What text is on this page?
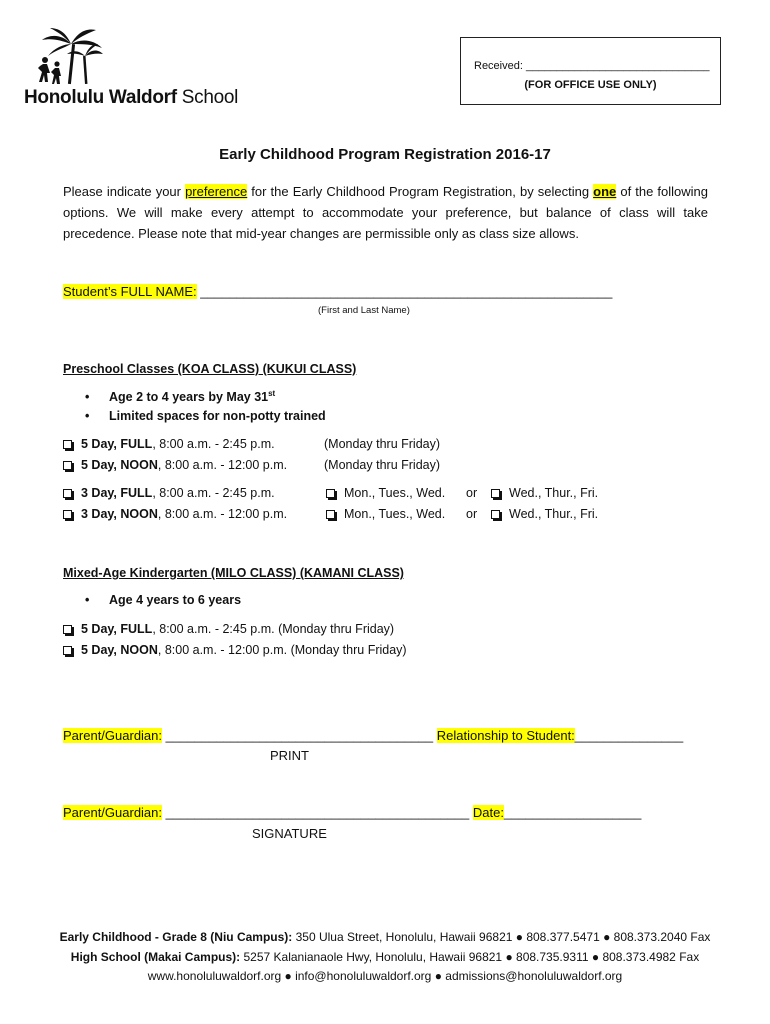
Honolulu Waldorf School
Received: ______________________________
(FOR OFFICE USE ONLY)
Early Childhood Program Registration 2016-17

Please indicate your preference for the Early Childhood Program Registration, by selecting one of the following options. We will make every attempt to accommodate your preference, but balance of class will take precedence. Please note that mid-year changes are permissible only as class size allows.

Student’s FULL NAME: _________________________________________________________
(First and Last Name)
Preschool Classes (KOA CLASS) (KUKUI CLASS)
• Age 2 to 4 years by May 31st
• Limited spaces for non-potty trained
5 Day, FULL, 8:00 a.m. - 2:45 p.m.	(Monday thru Friday)
5 Day, NOON, 8:00 a.m. - 12:00 p.m.	(Monday thru Friday)
3 Day, FULL, 8:00 a.m. - 2:45 p.m.	Mon., Tues., Wed. or	Wed., Thur., Fri.
3 Day, NOON, 8:00 a.m. - 12:00 p.m.	Mon., Tues., Wed. or	Wed., Thur., Fri.
Mixed-Age Kindergarten (MILO CLASS) (KAMANI CLASS)
• Age 4 years to 6 years
5 Day, FULL, 8:00 a.m. - 2:45 p.m. (Monday thru Friday)
5 Day, NOON, 8:00 a.m. - 12:00 p.m. (Monday thru Friday)
Parent/Guardian: _____________________________________ Relationship to Student:_______________
PRINT
Parent/Guardian: __________________________________________ Date:___________________
SIGNATURE
Early Childhood - Grade 8 (Niu Campus): 350 Ulua Street, Honolulu, Hawaii 96821 ● 808.377.5471 ● 808.373.2040 Fax
High School (Makai Campus): 5257 Kalanianaole Hwy, Honolulu, Hawaii 96821 ● 808.735.9311 ● 808.373.4982 Fax
www.honoluluwaldorf.org ● info@honoluluwaldorf.org ● admissions@honoluluwaldorf.org
